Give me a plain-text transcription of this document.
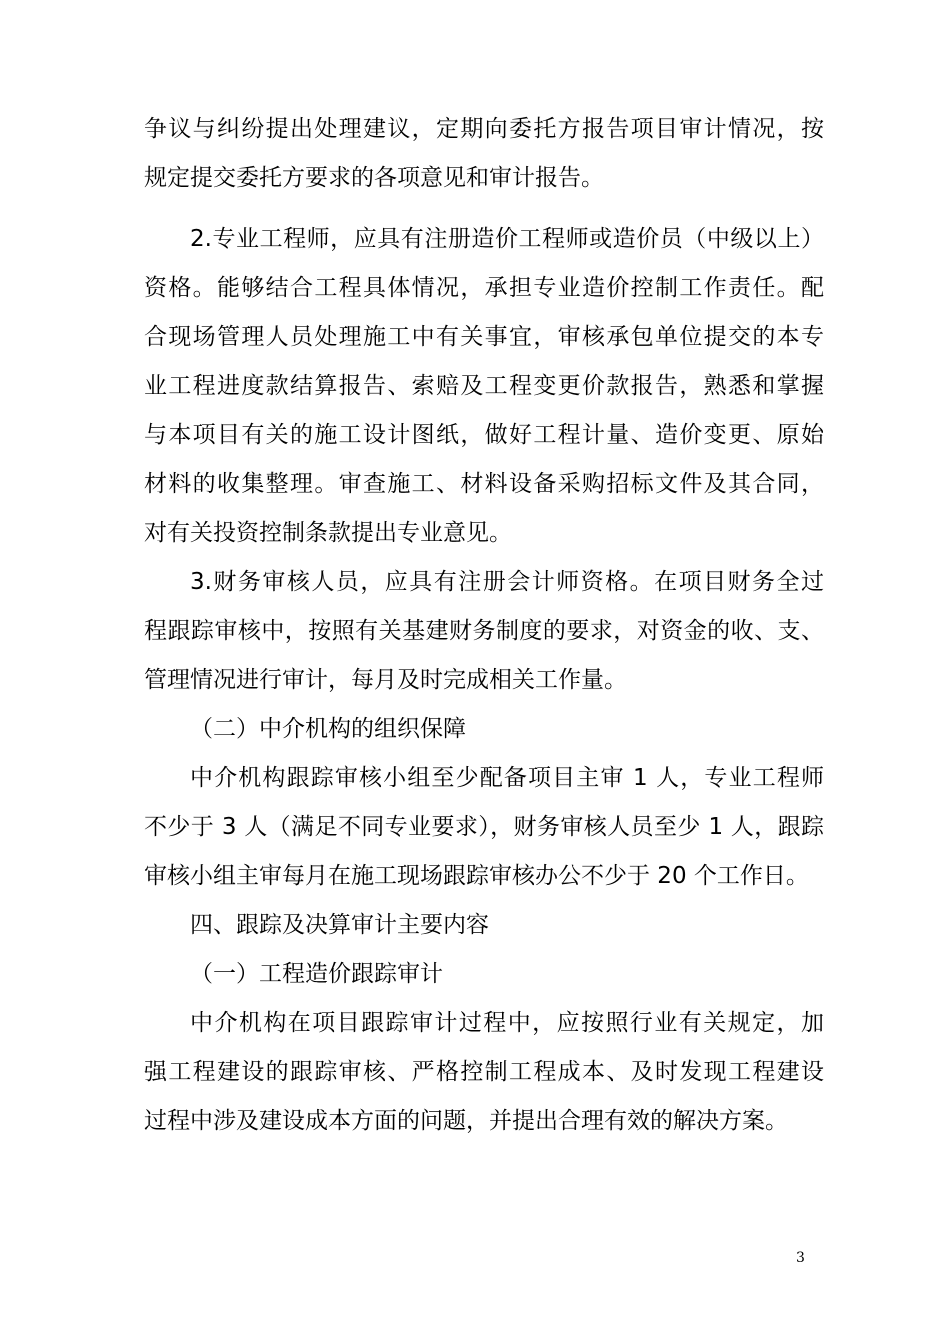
争议与纠纷提出处理建议，定期向委托方报告项目审计情况，按
规定提交委托方要求的各项意见和审计报告。
2.专业工程师，应具有注册造价工程师或造价员（中级以上）
资格。能够结合工程具体情况，承担专业造价控制工作责任。配
合现场管理人员处理施工中有关事宜，审核承包单位提交的本专
业工程进度款结算报告、索赔及工程变更价款报告，熟悉和掌握
与本项目有关的施工设计图纸，做好工程计量、造价变更、原始
材料的收集整理。审查施工、材料设备采购招标文件及其合同，
对有关投资控制条款提出专业意见。
3.财务审核人员，应具有注册会计师资格。在项目财务全过
程跟踪审核中，按照有关基建财务制度的要求，对资金的收、支、
管理情况进行审计，每月及时完成相关工作量。
（二）中介机构的组织保障
中介机构跟踪审核小组至少配备项目主审 1 人，专业工程师
不少于 3 人（满足不同专业要求），财务审核人员至少 1 人，跟踪
审核小组主审每月在施工现场跟踪审核办公不少于 20 个工作日。
四、跟踪及决算审计主要内容
（一）工程造价跟踪审计
中介机构在项目跟踪审计过程中，应按照行业有关规定，加
强工程建设的跟踪审核、严格控制工程成本、及时发现工程建设
过程中涉及建设成本方面的问题，并提出合理有效的解决方案。
3
